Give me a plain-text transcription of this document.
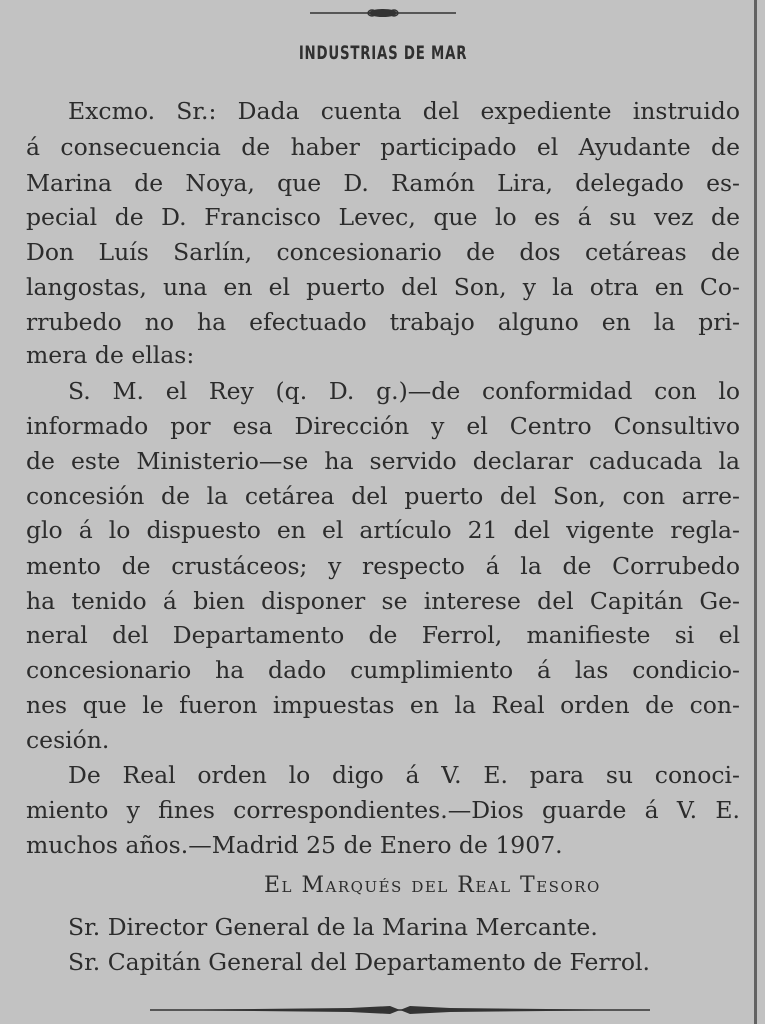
INDUSTRIAS DE MAR
Excmo. Sr.: Dada cuenta del expediente instruido
á consecuencia de haber participado el Ayudante de
Marina de Noya, que D. Ramón Lira, delegado es-
pecial de D. Francisco Levec, que lo es á su vez de
Don Luís Sarlín, concesionario de dos cetáreas de
langostas, una en el puerto del Son, y la otra en Co-
rrubedo no ha efectuado trabajo alguno en la pri-
mera de ellas:
S. M. el Rey (q. D. g.)—de conformidad con lo
informado por esa Dirección y el Centro Consultivo
de este Ministerio—se ha servido declarar caducada la
concesión de la cetárea del puerto del Son, con arre-
glo á lo dispuesto en el artículo 21 del vigente regla-
mento de crustáceos; y respecto á la de Corrubedo
ha tenido á bien disponer se interese del Capitán Ge-
neral del Departamento de Ferrol, manifieste si el
concesionario ha dado cumplimiento á las condicio-
nes que le fueron impuestas en la Real orden de con-
cesión.
De Real orden lo digo á V. E. para su conoci-
miento y fines correspondientes.—Dios guarde á V. E.
muchos años.—Madrid 25 de Enero de 1907.
El Marqués del Real Tesoro
Sr. Director General de la Marina Mercante.
Sr. Capitán General del Departamento de Ferrol.
